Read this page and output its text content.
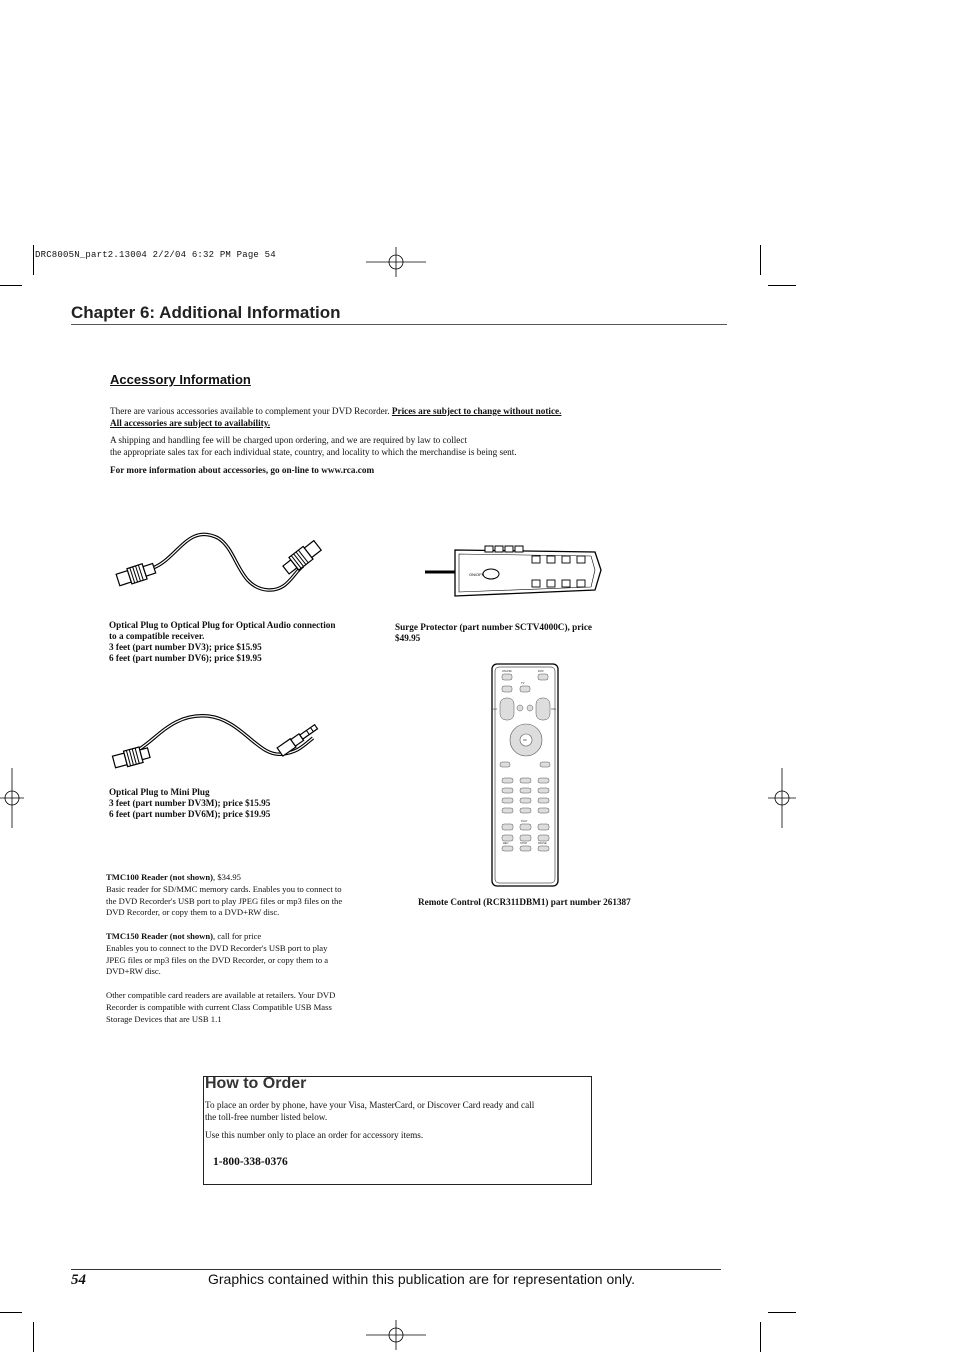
DRC8005N_part2.13004 2/2/04 6:32 PM Page 54
Chapter 6: Additional Information
Accessory Information
There are various accessories available to complement your DVD Recorder. Prices are subject to change without notice.
All accessories are subject to availability.
A shipping and handling fee will be charged upon ordering, and we are required by law to collect
the appropriate sales tax for each individual state, country, and locality to which the merchandise is being sent.
For more information about accessories, go on-line to www.rca.com
ON/OFF
ON•OFF	DVD
TV
CH	VOL
OK
PLAY
REC	STOP	PAUSE
Optical Plug to Optical Plug for Optical Audio connection
to a compatible receiver.
3 feet (part number DV3); price $15.95
6 feet (part number DV6); price $19.95
Surge Protector (part number SCTV4000C), price
$49.95
Optical Plug to Mini Plug
3 feet (part number DV3M); price $15.95
6 feet (part number DV6M); price $19.95
Remote Control (RCR311DBM1) part number 261387
TMC100 Reader (not shown), $34.95
Basic reader for SD/MMC memory cards. Enables you to connect to
the DVD Recorder's USB port to play JPEG files or mp3 files on the
DVD Recorder, or copy them to a DVD+RW disc.
TMC150 Reader (not shown), call for price
Enables you to connect to the DVD Recorder's USB port to play
JPEG files or mp3 files on the DVD Recorder, or copy them to a
DVD+RW disc.
Other compatible card readers are available at retailers. Your DVD
Recorder is compatible with current Class Compatible USB Mass
Storage Devices that are USB 1.1
How to Order
To place an order by phone, have your Visa, MasterCard, or Discover Card ready and call
the toll-free number listed below.
Use this number only to place an order for accessory items.
1-800-338-0376
54	Graphics contained within this publication are for representation only.
